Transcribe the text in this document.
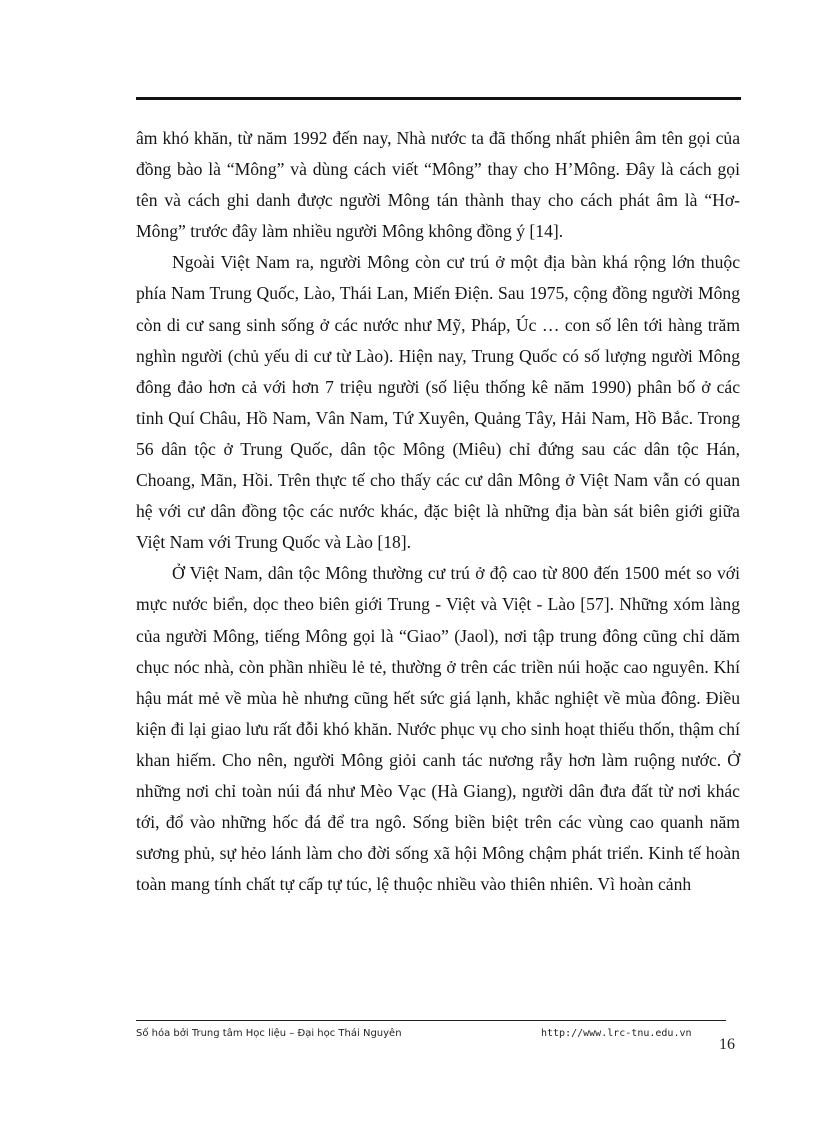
âm khó khăn, từ năm 1992 đến nay, Nhà nước ta đã thống nhất phiên âm tên gọi của đồng bào là “Mông” và dùng cách viết “Mông” thay cho H’Mông. Đây là cách gọi tên và cách ghi danh được người Mông tán thành thay cho cách phát âm là “Hơ-Mông” trước đây làm nhiều người Mông không đồng ý [14].

Ngoài Việt Nam ra, người Mông còn cư trú ở một địa bàn khá rộng lớn thuộc phía Nam Trung Quốc, Lào, Thái Lan, Miến Điện. Sau 1975, cộng đồng người Mông còn di cư sang sinh sống ở các nước như Mỹ, Pháp, Úc … con số lên tới hàng trăm nghìn người (chủ yếu di cư từ Lào). Hiện nay, Trung Quốc có số lượng người Mông đông đảo hơn cả với hơn 7 triệu người (số liệu thống kê năm 1990) phân bố ở các tỉnh Quí Châu, Hồ Nam, Vân Nam, Tứ Xuyên, Quảng Tây, Hải Nam, Hồ Bắc. Trong 56 dân tộc ở Trung Quốc, dân tộc Mông (Miêu) chỉ đứng sau các dân tộc Hán, Choang, Mãn, Hồi. Trên thực tế cho thấy các cư dân Mông ở Việt Nam vẫn có quan hệ với cư dân đồng tộc các nước khác, đặc biệt là những địa bàn sát biên giới giữa Việt Nam với Trung Quốc và Lào [18].

Ở Việt Nam, dân tộc Mông thường cư trú ở độ cao từ 800 đến 1500 mét so với mực nước biển, dọc theo biên giới Trung - Việt và Việt - Lào [57]. Những xóm làng của người Mông, tiếng Mông gọi là “Giao” (Jaol), nơi tập trung đông cũng chỉ dăm chục nóc nhà, còn phần nhiều lẻ tẻ, thường ở trên các triền núi hoặc cao nguyên. Khí hậu mát mẻ về mùa hè nhưng cũng hết sức giá lạnh, khắc nghiệt về mùa đông. Điều kiện đi lại giao lưu rất đỗi khó khăn. Nước phục vụ cho sinh hoạt thiếu thốn, thậm chí khan hiếm. Cho nên, người Mông giỏi canh tác nương rẫy hơn làm ruộng nước. Ở những nơi chỉ toàn núi đá như Mèo Vạc (Hà Giang), người dân đưa đất từ nơi khác tới, đổ vào những hốc đá để tra ngô. Sống biền biệt trên các vùng cao quanh năm sương phủ, sự hẻo lánh làm cho đời sống xã hội Mông chậm phát triển. Kinh tế hoàn toàn mang tính chất tự cấp tự túc, lệ thuộc nhiều vào thiên nhiên. Vì hoàn cảnh

Số hóa bởi Trung tâm Học liệu – Đại học Thái Nguyên	http://www.lrc-tnu.edu.vn
16
